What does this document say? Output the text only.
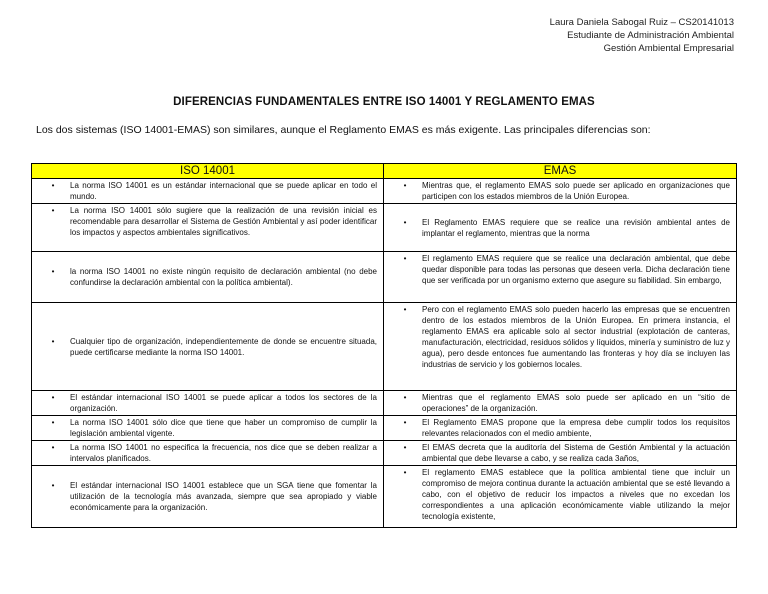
Laura Daniela Sabogal Ruiz – CS20141013
Estudiante de Administración Ambiental
Gestión Ambiental Empresarial
DIFERENCIAS FUNDAMENTALES ENTRE ISO 14001 Y REGLAMENTO EMAS
Los dos sistemas (ISO 14001-EMAS) son similares, aunque el Reglamento EMAS es más exigente. Las principales diferencias son:
ISO 14001	EMAS

• La norma ISO 14001 es un estándar internacional que se puede aplicar en todo el mundo.	• Mientras que, el reglamento EMAS solo puede ser aplicado en organizaciones que participen con los estados miembros de la Unión Europea.

• La norma ISO 14001 sólo sugiere que la realización de una revisión inicial es recomendable para desarrollar el Sistema de Gestión Ambiental y así poder identificar los impactos y aspectos ambientales significativos.	• El Reglamento EMAS requiere que se realice una revisión ambiental antes de implantar el reglamento, mientras que la norma

• la norma ISO 14001 no existe ningún requisito de declaración ambiental (no debe confundirse la declaración ambiental con la política ambiental).	• El reglamento EMAS requiere que se realice una declaración ambiental, que debe quedar disponible para todas las personas que deseen verla. Dicha declaración tiene que ser verificada por un organismo externo que asegure su fiabilidad. Sin embargo,

• Cualquier tipo de organización, independientemente de donde se encuentre situada, puede certificarse mediante la norma ISO 14001.	• Pero con el reglamento EMAS solo pueden hacerlo las empresas que se encuentren dentro de los estados miembros de la Unión Europea. En primera instancia, el reglamento EMAS era aplicable solo al sector industrial (explotación de canteras, manufacturación, electricidad, residuos sólidos y líquidos, minería y suministro de luz y agua), pero desde entonces fue aumentando las fronteras y hoy día se incluyen las industrias de servicio y los gobiernos locales.

• El estándar internacional ISO 14001 se puede aplicar a todos los sectores de la organización.	• Mientras que el reglamento EMAS solo puede ser aplicado en un “sitio de operaciones” de la organización.

• La norma ISO 14001 sólo dice que tiene que haber un compromiso de cumplir la legislación ambiental vigente.	• El Reglamento EMAS propone que la empresa debe cumplir todos los requisitos relevantes relacionados con el medio ambiente,

• La norma ISO 14001 no especifica la frecuencia, nos dice que se deben realizar a intervalos planificados.	• El EMAS decreta que la auditoría del Sistema de Gestión Ambiental y la actuación ambiental que debe llevarse a cabo, y se realiza cada 3años,

• El estándar internacional ISO 14001 establece que un SGA tiene que fomentar la utilización de la tecnología más avanzada, siempre que sea apropiado y viable económicamente para la organización.	• El reglamento EMAS establece que la política ambiental tiene que incluir un compromiso de mejora continua durante la actuación ambiental que se esté llevando a cabo, con el objetivo de reducir los impactos a niveles que no excedan los correspondientes a una aplicación económicamente viable utilizando la mejor tecnología existente,
